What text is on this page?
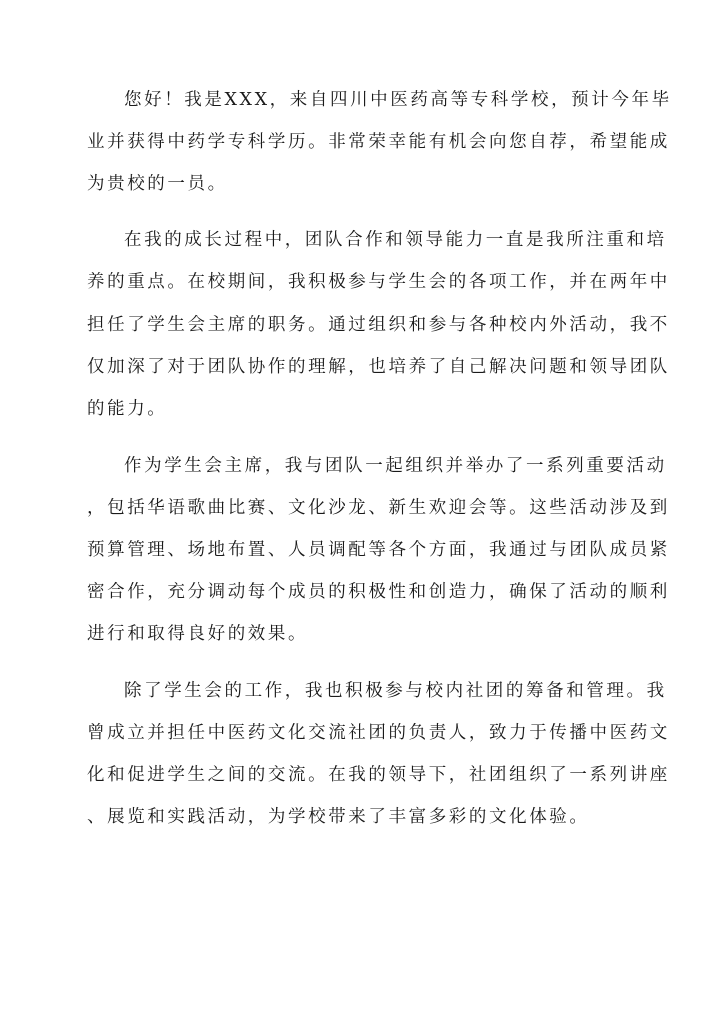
您好！我是XXX，来自四川中医药高等专科学校，预计今年毕
业并获得中药学专科学历。非常荣幸能有机会向您自荐，希望能成
为贵校的一员。
在我的成长过程中，团队合作和领导能力一直是我所注重和培
养的重点。在校期间，我积极参与学生会的各项工作，并在两年中
担任了学生会主席的职务。通过组织和参与各种校内外活动，我不
仅加深了对于团队协作的理解，也培养了自己解决问题和领导团队
的能力。
作为学生会主席，我与团队一起组织并举办了一系列重要活动
，包括华语歌曲比赛、文化沙龙、新生欢迎会等。这些活动涉及到
预算管理、场地布置、人员调配等各个方面，我通过与团队成员紧
密合作，充分调动每个成员的积极性和创造力，确保了活动的顺利
进行和取得良好的效果。
除了学生会的工作，我也积极参与校内社团的筹备和管理。我
曾成立并担任中医药文化交流社团的负责人，致力于传播中医药文
化和促进学生之间的交流。在我的领导下，社团组织了一系列讲座
、展览和实践活动，为学校带来了丰富多彩的文化体验。
